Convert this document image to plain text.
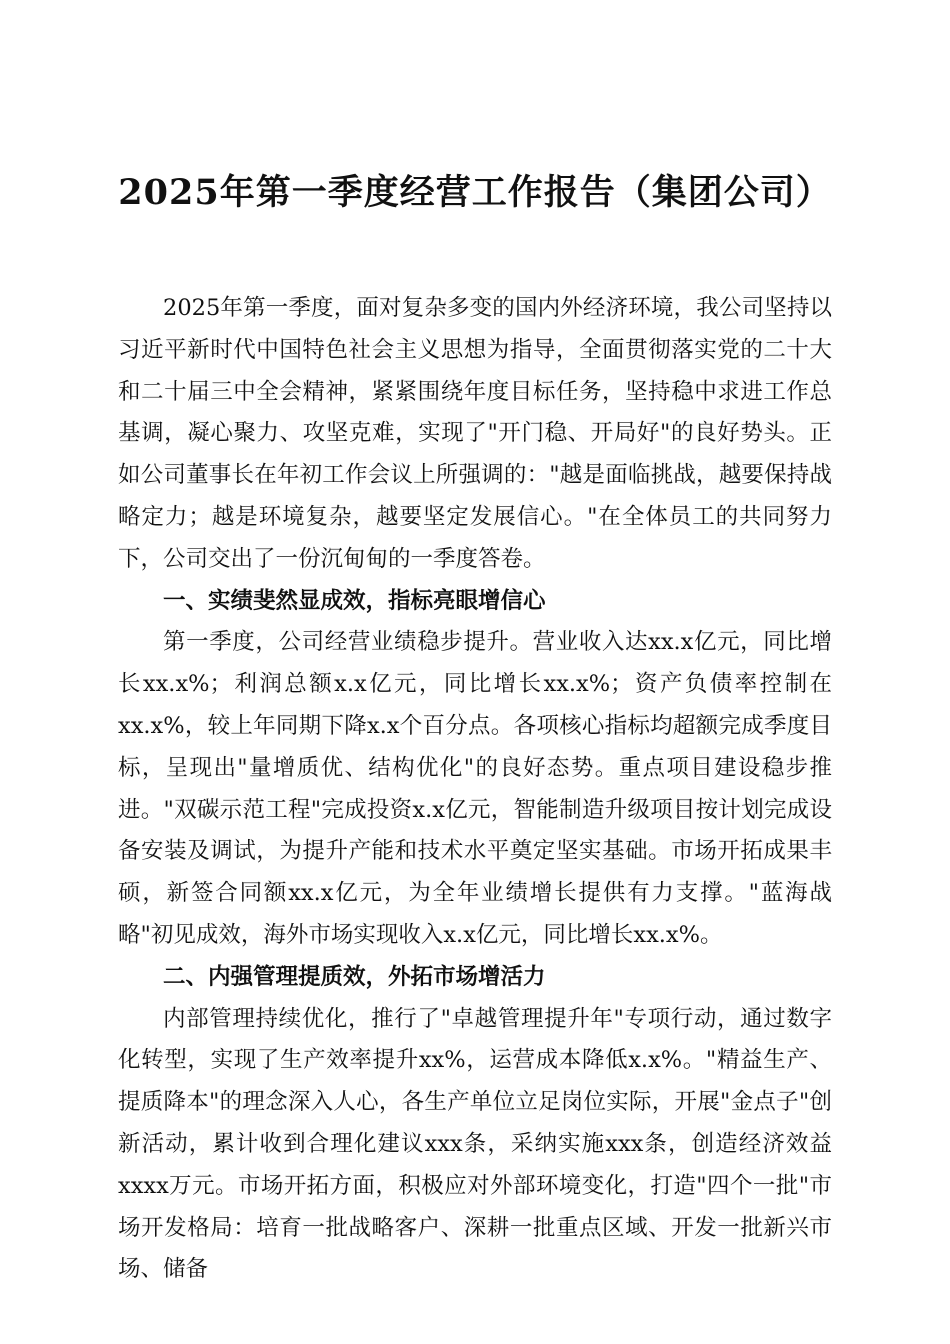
2025年第一季度经营工作报告（集团公司）

2025年第一季度，面对复杂多变的国内外经济环境，我公司坚持以习近平新时代中国特色社会主义思想为指导，全面贯彻落实党的二十大和二十届三中全会精神，紧紧围绕年度目标任务，坚持稳中求进工作总基调，凝心聚力、攻坚克难，实现了"开门稳、开局好"的良好势头。正如公司董事长在年初工作会议上所强调的："越是面临挑战，越要保持战略定力；越是环境复杂，越要坚定发展信心。"在全体员工的共同努力下，公司交出了一份沉甸甸的一季度答卷。

一、实绩斐然显成效，指标亮眼增信心

第一季度，公司经营业绩稳步提升。营业收入达xx.x亿元，同比增长xx.x%；利润总额x.x亿元，同比增长xx.x%；资产负债率控制在xx.x%，较上年同期下降x.x个百分点。各项核心指标均超额完成季度目标，呈现出"量增质优、结构优化"的良好态势。重点项目建设稳步推进。"双碳示范工程"完成投资x.x亿元，智能制造升级项目按计划完成设备安装及调试，为提升产能和技术水平奠定坚实基础。市场开拓成果丰硕，新签合同额xx.x亿元，为全年业绩增长提供有力支撑。"蓝海战略"初见成效，海外市场实现收入x.x亿元，同比增长xx.x%。

二、内强管理提质效，外拓市场增活力

内部管理持续优化，推行了"卓越管理提升年"专项行动，通过数字化转型，实现了生产效率提升xx%，运营成本降低x.x%。"精益生产、提质降本"的理念深入人心，各生产单位立足岗位实际，开展"金点子"创新活动，累计收到合理化建议xxx条，采纳实施xxx条，创造经济效益xxxx万元。市场开拓方面，积极应对外部环境变化，打造"四个一批"市场开发格局：培育一批战略客户、深耕一批重点区域、开发一批新兴市场、储备
